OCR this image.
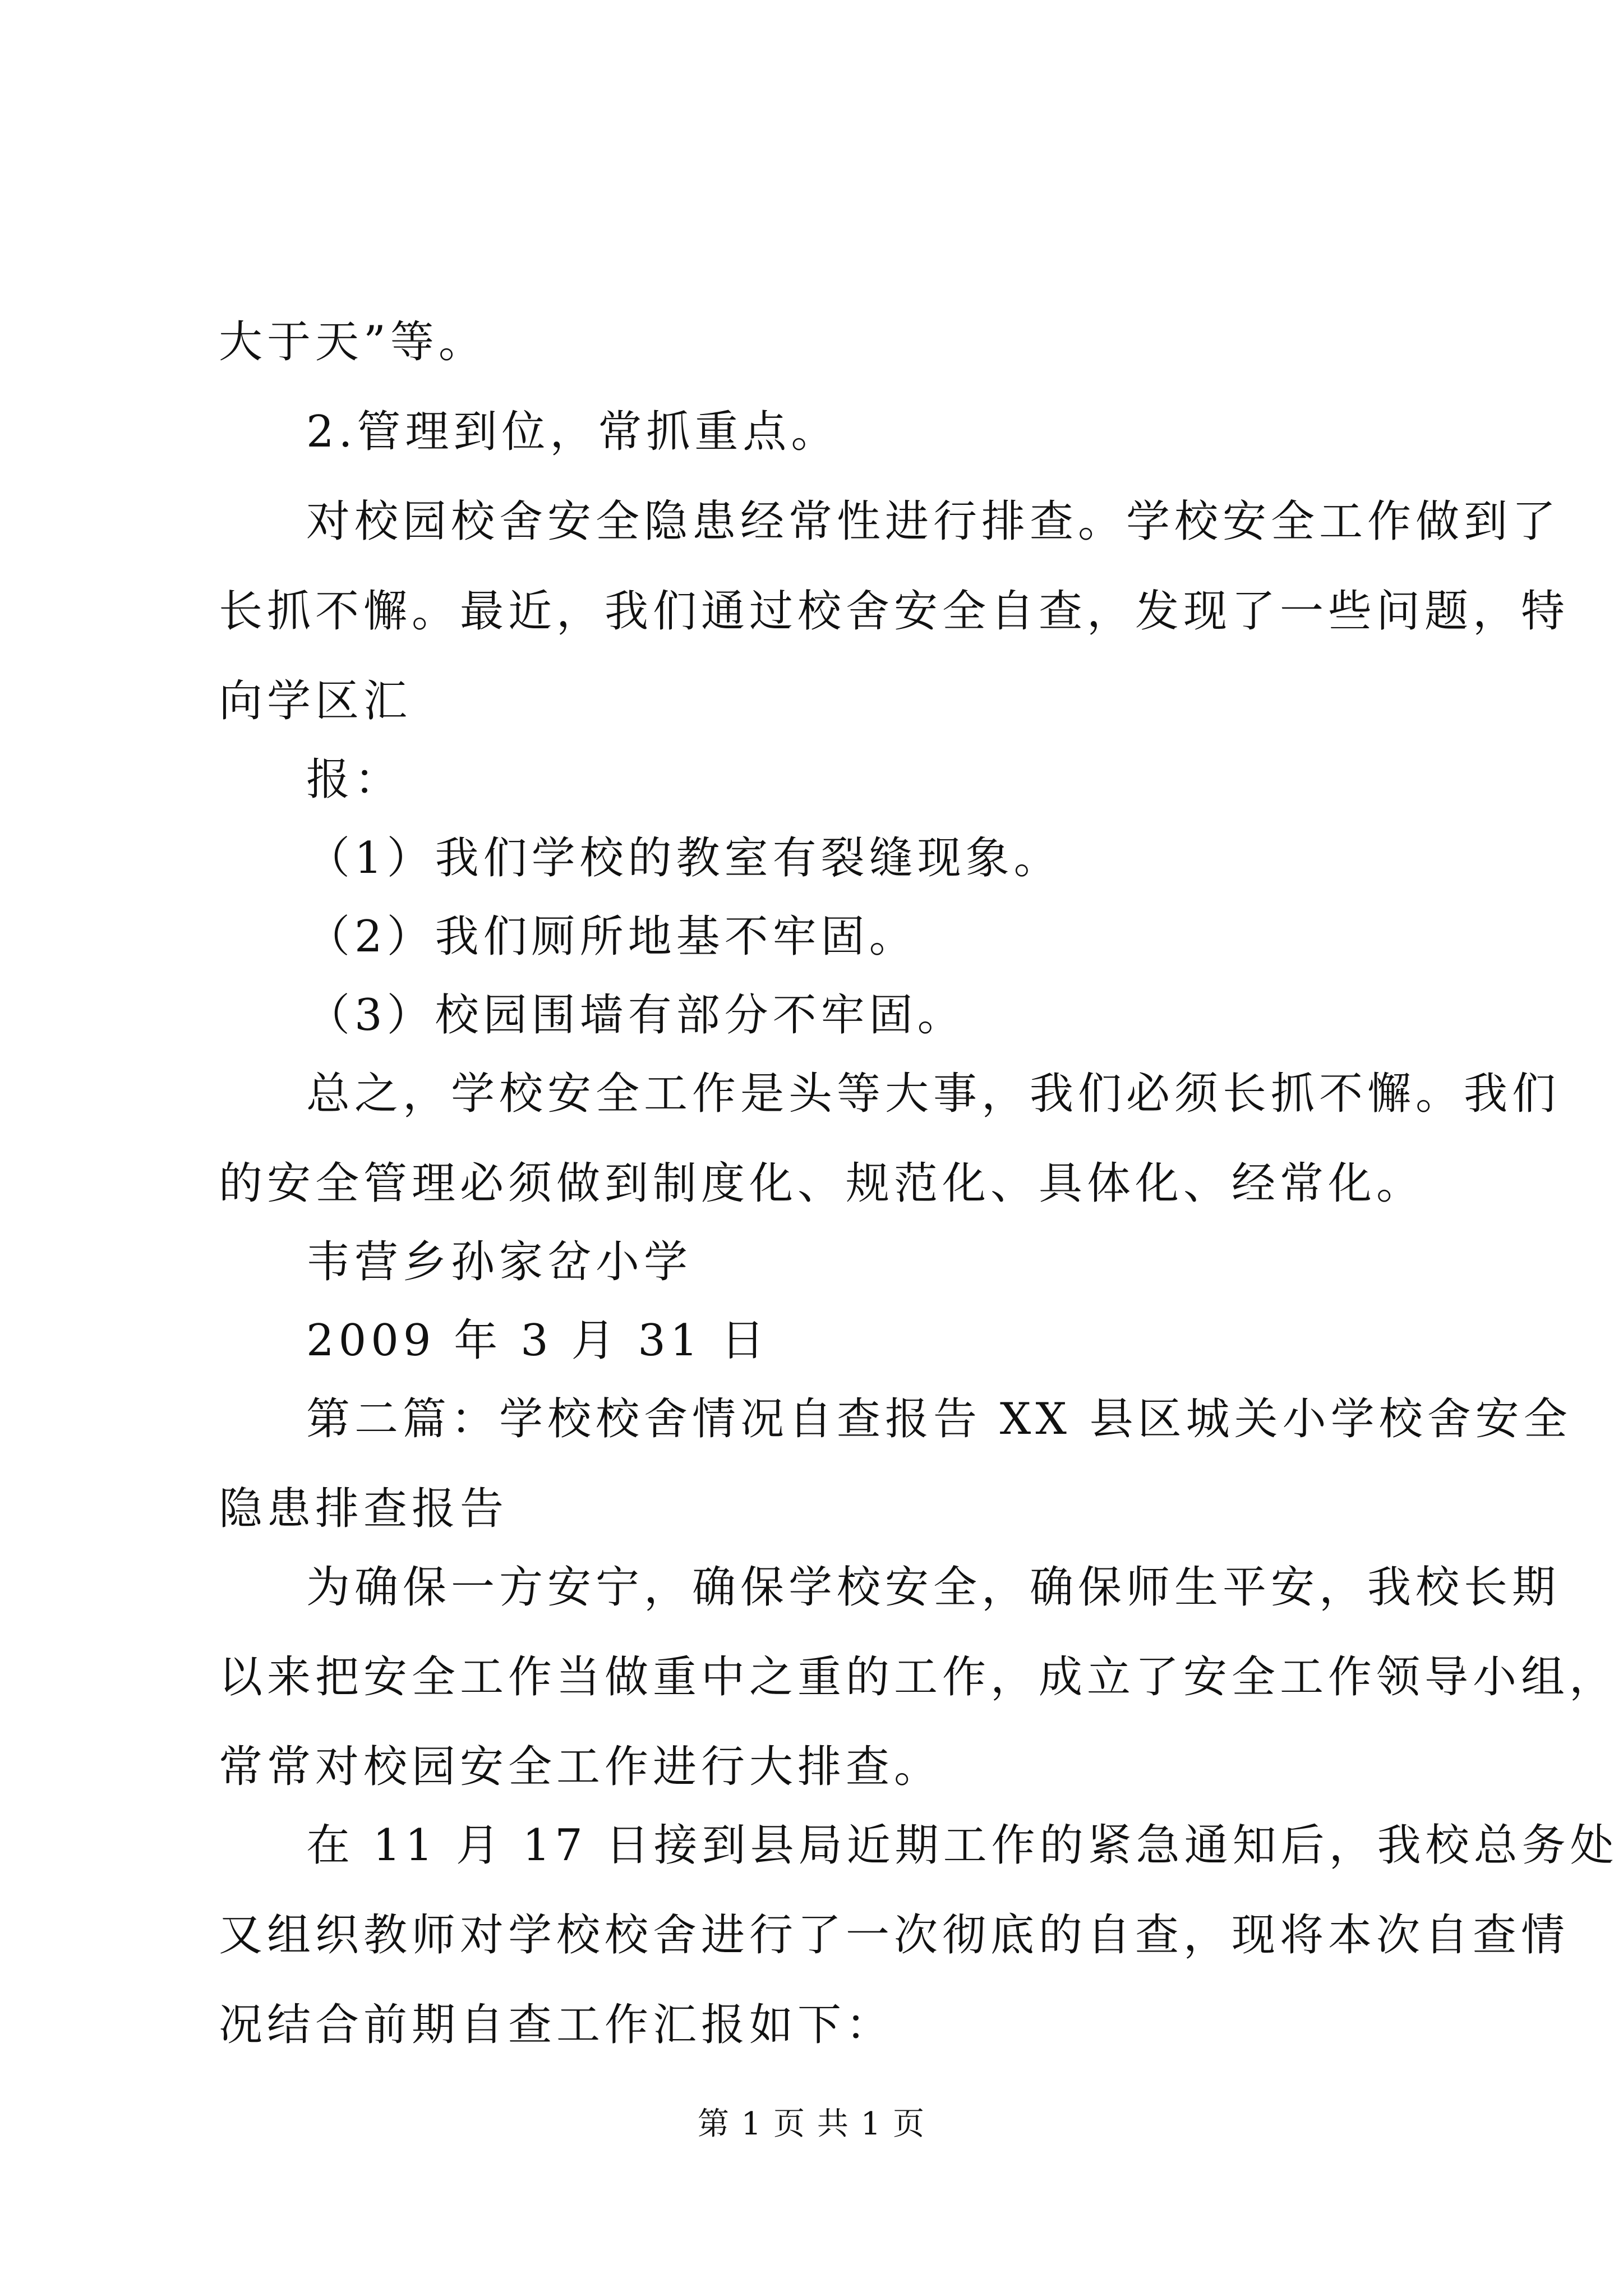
大于天”等。
2.管理到位，常抓重点。
对校园校舍安全隐患经常性进行排查。学校安全工作做到了
长抓不懈。最近，我们通过校舍安全自查，发现了一些问题，特
向学区汇
报：
（1）我们学校的教室有裂缝现象。
（2）我们厕所地基不牢固。
（3）校园围墙有部分不牢固。
总之，学校安全工作是头等大事，我们必须长抓不懈。我们
的安全管理必须做到制度化、规范化、具体化、经常化。
韦营乡孙家岔小学
2009 年 3 月 31 日
第二篇：学校校舍情况自查报告 XX 县区城关小学校舍安全
隐患排查报告
为确保一方安宁，确保学校安全，确保师生平安，我校长期
以来把安全工作当做重中之重的工作，成立了安全工作领导小组，
常常对校园安全工作进行大排查。
在 11 月 17 日接到县局近期工作的紧急通知后，我校总务处
又组织教师对学校校舍进行了一次彻底的自查，现将本次自查情
况结合前期自查工作汇报如下：
第 1 页 共 1 页
